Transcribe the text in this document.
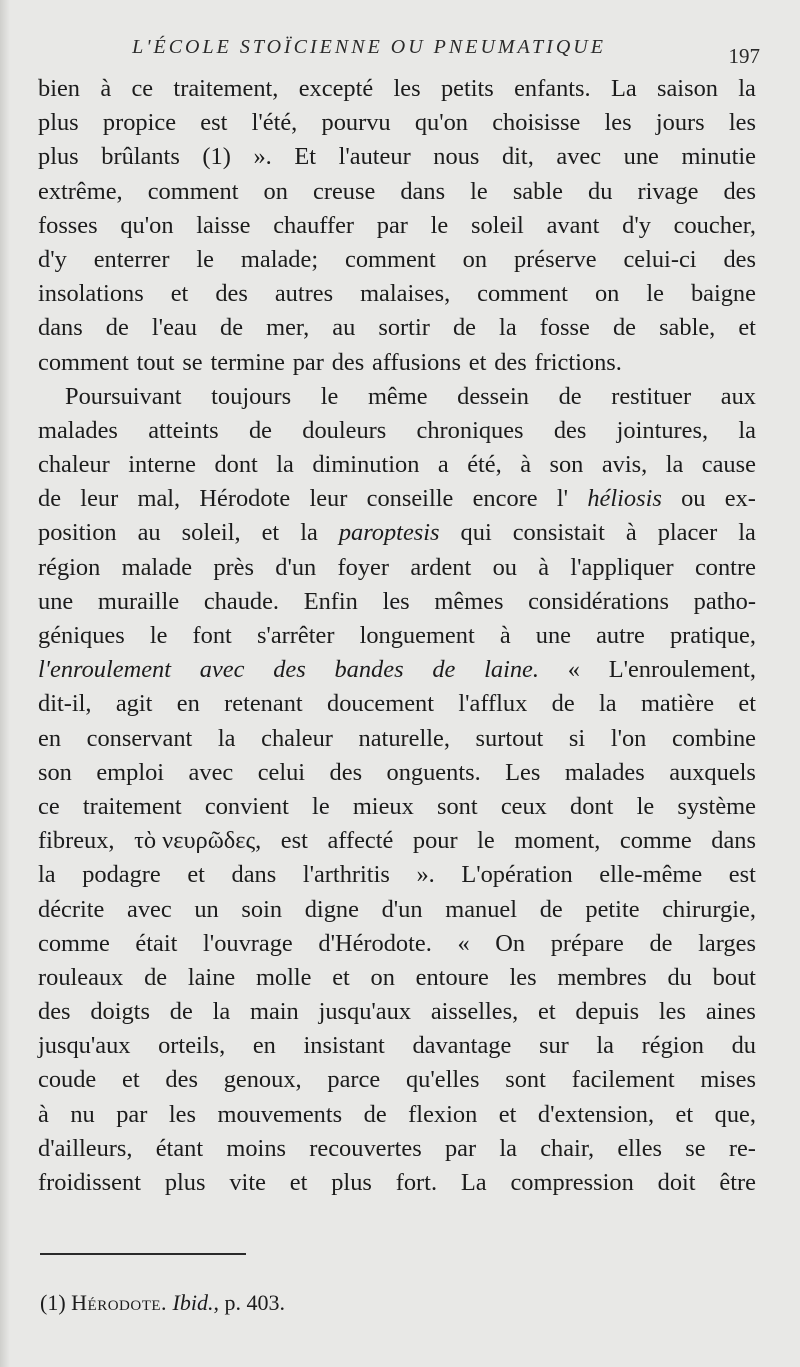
L'ÉCOLE STOÏCIENNE OU PNEUMATIQUE	197
bien à ce traitement, excepté les petits enfants. La saison la
plus propice est l'été, pourvu qu'on choisisse les jours les
plus brûlants (1) ». Et l'auteur nous dit, avec une minutie
extrême, comment on creuse dans le sable du rivage des
fosses qu'on laisse chauffer par le soleil avant d'y coucher,
d'y enterrer le malade; comment on préserve celui-ci des
insolations et des autres malaises, comment on le baigne
dans de l'eau de mer, au sortir de la fosse de sable, et
comment tout se termine par des affusions et des frictions.
Poursuivant toujours le même dessein de restituer aux
malades atteints de douleurs chroniques des jointures, la
chaleur interne dont la diminution a été, à son avis, la cause
de leur mal, Hérodote leur conseille encore l' héliosis ou ex-
position au soleil, et la paroptesis qui consistait à placer la
région malade près d'un foyer ardent ou à l'appliquer contre
une muraille chaude. Enfin les mêmes considérations patho-
géniques le font s'arrêter longuement à une autre pratique,
l'enroulement avec des bandes de laine. « L'enroulement,
dit-il, agit en retenant doucement l'afflux de la matière et
en conservant la chaleur naturelle, surtout si l'on combine
son emploi avec celui des onguents. Les malades auxquels
ce traitement convient le mieux sont ceux dont le système
fibreux, τὸ νευρῶδες, est affecté pour le moment, comme dans
la podagre et dans l'arthritis ». L'opération elle-même est
décrite avec un soin digne d'un manuel de petite chirurgie,
comme était l'ouvrage d'Hérodote. « On prépare de larges
rouleaux de laine molle et on entoure les membres du bout
des doigts de la main jusqu'aux aisselles, et depuis les aines
jusqu'aux orteils, en insistant davantage sur la région du
coude et des genoux, parce qu'elles sont facilement mises
à nu par les mouvements de flexion et d'extension, et que,
d'ailleurs, étant moins recouvertes par la chair, elles se re-
froidissent plus vite et plus fort. La compression doit être
(1) Hérodote. Ibid., p. 403.
